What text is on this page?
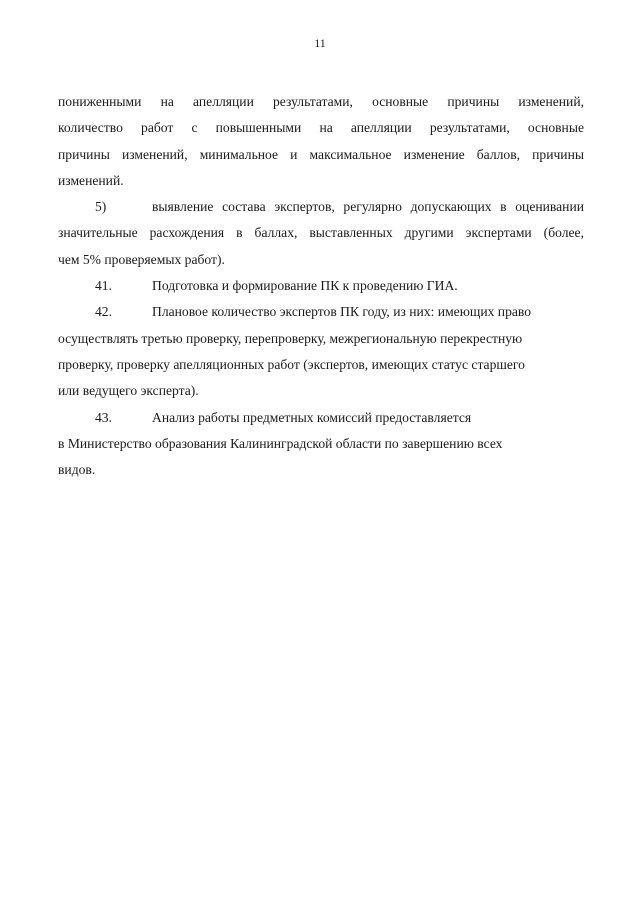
11

пониженными на апелляции результатами, основные причины изменений,
количество работ с повышенными на апелляции результатами, основные
причины изменений, минимальное и максимальное изменение баллов, причины
изменений.

5)	выявление состава экспертов, регулярно допускающих в оценивании
значительные расхождения в баллах, выставленных другими экспертами (более,
чем 5% проверяемых работ).

41.	Подготовка и формирование ПК к проведению ГИА.

42.	Плановое количество экспертов ПК году, из них: имеющих право
осуществлять третью проверку, перепроверку, межрегиональную перекрестную
проверку, проверку апелляционных работ (экспертов, имеющих статус старшего
или ведущего эксперта).

43.	Анализ работы предметных комиссий предоставляется
в Министерство образования Калининградской области по завершению всех
видов.
